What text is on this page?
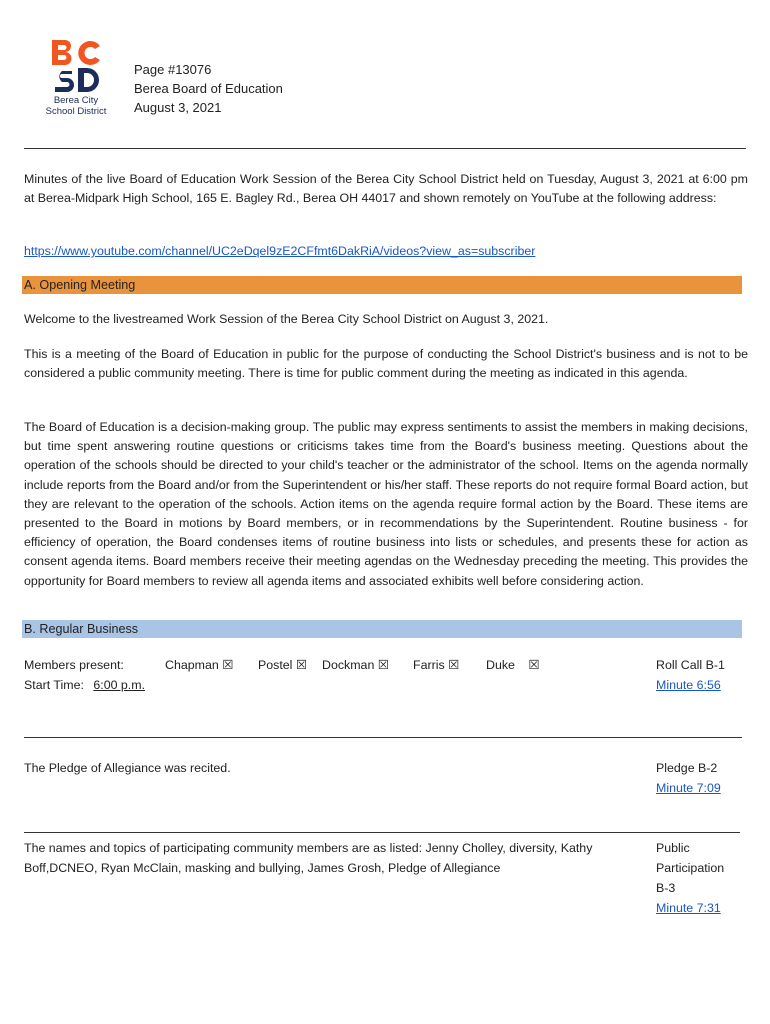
Berea City
School District
Page #13076
Berea Board of Education
August 3, 2021
Minutes of the live Board of Education Work Session of the Berea City School District held on Tuesday, August 3, 2021 at 6:00 pm at Berea-Midpark High School, 165 E. Bagley Rd., Berea OH 44017 and shown remotely on YouTube at the following address:
https://www.youtube.com/channel/UC2eDqel9zE2CFfmt6DakRiA/videos?view_as=subscriber
A. Opening Meeting
Welcome to the livestreamed Work Session of the Berea City School District on August 3, 2021.
This is a meeting of the Board of Education in public for the purpose of conducting the School District's business and is not to be considered a public community meeting. There is time for public comment during the meeting as indicated in this agenda.
The Board of Education is a decision-making group. The public may express sentiments to assist the members in making decisions, but time spent answering routine questions or criticisms takes time from the Board's business meeting. Questions about the operation of the schools should be directed to your child's teacher or the administrator of the school. Items on the agenda normally include reports from the Board and/or from the Superintendent or his/her staff. These reports do not require formal Board action, but they are relevant to the operation of the schools. Action items on the agenda require formal action by the Board. These items are presented to the Board in motions by Board members, or in recommendations by the Superintendent. Routine business - for efficiency of operation, the Board condenses items of routine business into lists or schedules, and presents these for action as consent agenda items. Board members receive their meeting agendas on the Wednesday preceding the meeting. This provides the opportunity for Board members to review all agenda items and associated exhibits well before considering action.
B. Regular Business
Members present:	Chapman ☒ Postel ☒ Dockman ☒ Farris ☒ Duke ☒
Start Time: 6:00 p.m.
Roll Call B-1
Minute 6:56
The Pledge of Allegiance was recited.	Pledge B-2
Minute 7:09
The names and topics of participating community members are as listed: Jenny Cholley, diversity, Kathy Boff,DCNEO, Ryan McClain, masking and bullying, James Grosh, Pledge of Allegiance
Public
Participation
B-3
Minute 7:31
